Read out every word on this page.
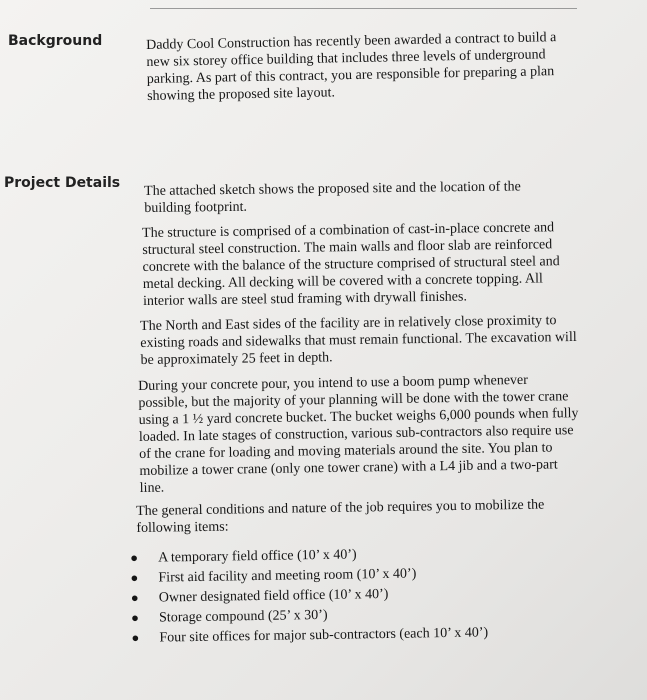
Background	Daddy Cool Construction has recently been awarded a contract to build a new six storey office building that includes three levels of underground parking. As part of this contract, you are responsible for preparing a plan showing the proposed site layout.

Project Details The attached sketch shows the proposed site and the location of the building footprint.

The structure is comprised of a combination of cast-in-place concrete and structural steel construction. The main walls and floor slab are reinforced concrete with the balance of the structure comprised of structural steel and metal decking. All decking will be covered with a concrete topping. All interior walls are steel stud framing with drywall finishes.

The North and East sides of the facility are in relatively close proximity to existing roads and sidewalks that must remain functional. The excavation will be approximately 25 feet in depth.

During your concrete pour, you intend to use a boom pump whenever possible, but the majority of your planning will be done with the tower crane using a 1 ½ yard concrete bucket. The bucket weighs 6,000 pounds when fully loaded. In late stages of construction, various sub-contractors also require use of the crane for loading and moving materials around the site. You plan to mobilize a tower crane (only one tower crane) with a L4 jib and a two-part line.

The general conditions and nature of the job requires you to mobilize the following items:

●	A temporary field office (10’ x 40’)
●	First aid facility and meeting room (10’ x 40’)
●	Owner designated field office (10’ x 40’)
●	Storage compound (25’ x 30’)
●	Four site offices for major sub-contractors (each 10’ x 40’)
